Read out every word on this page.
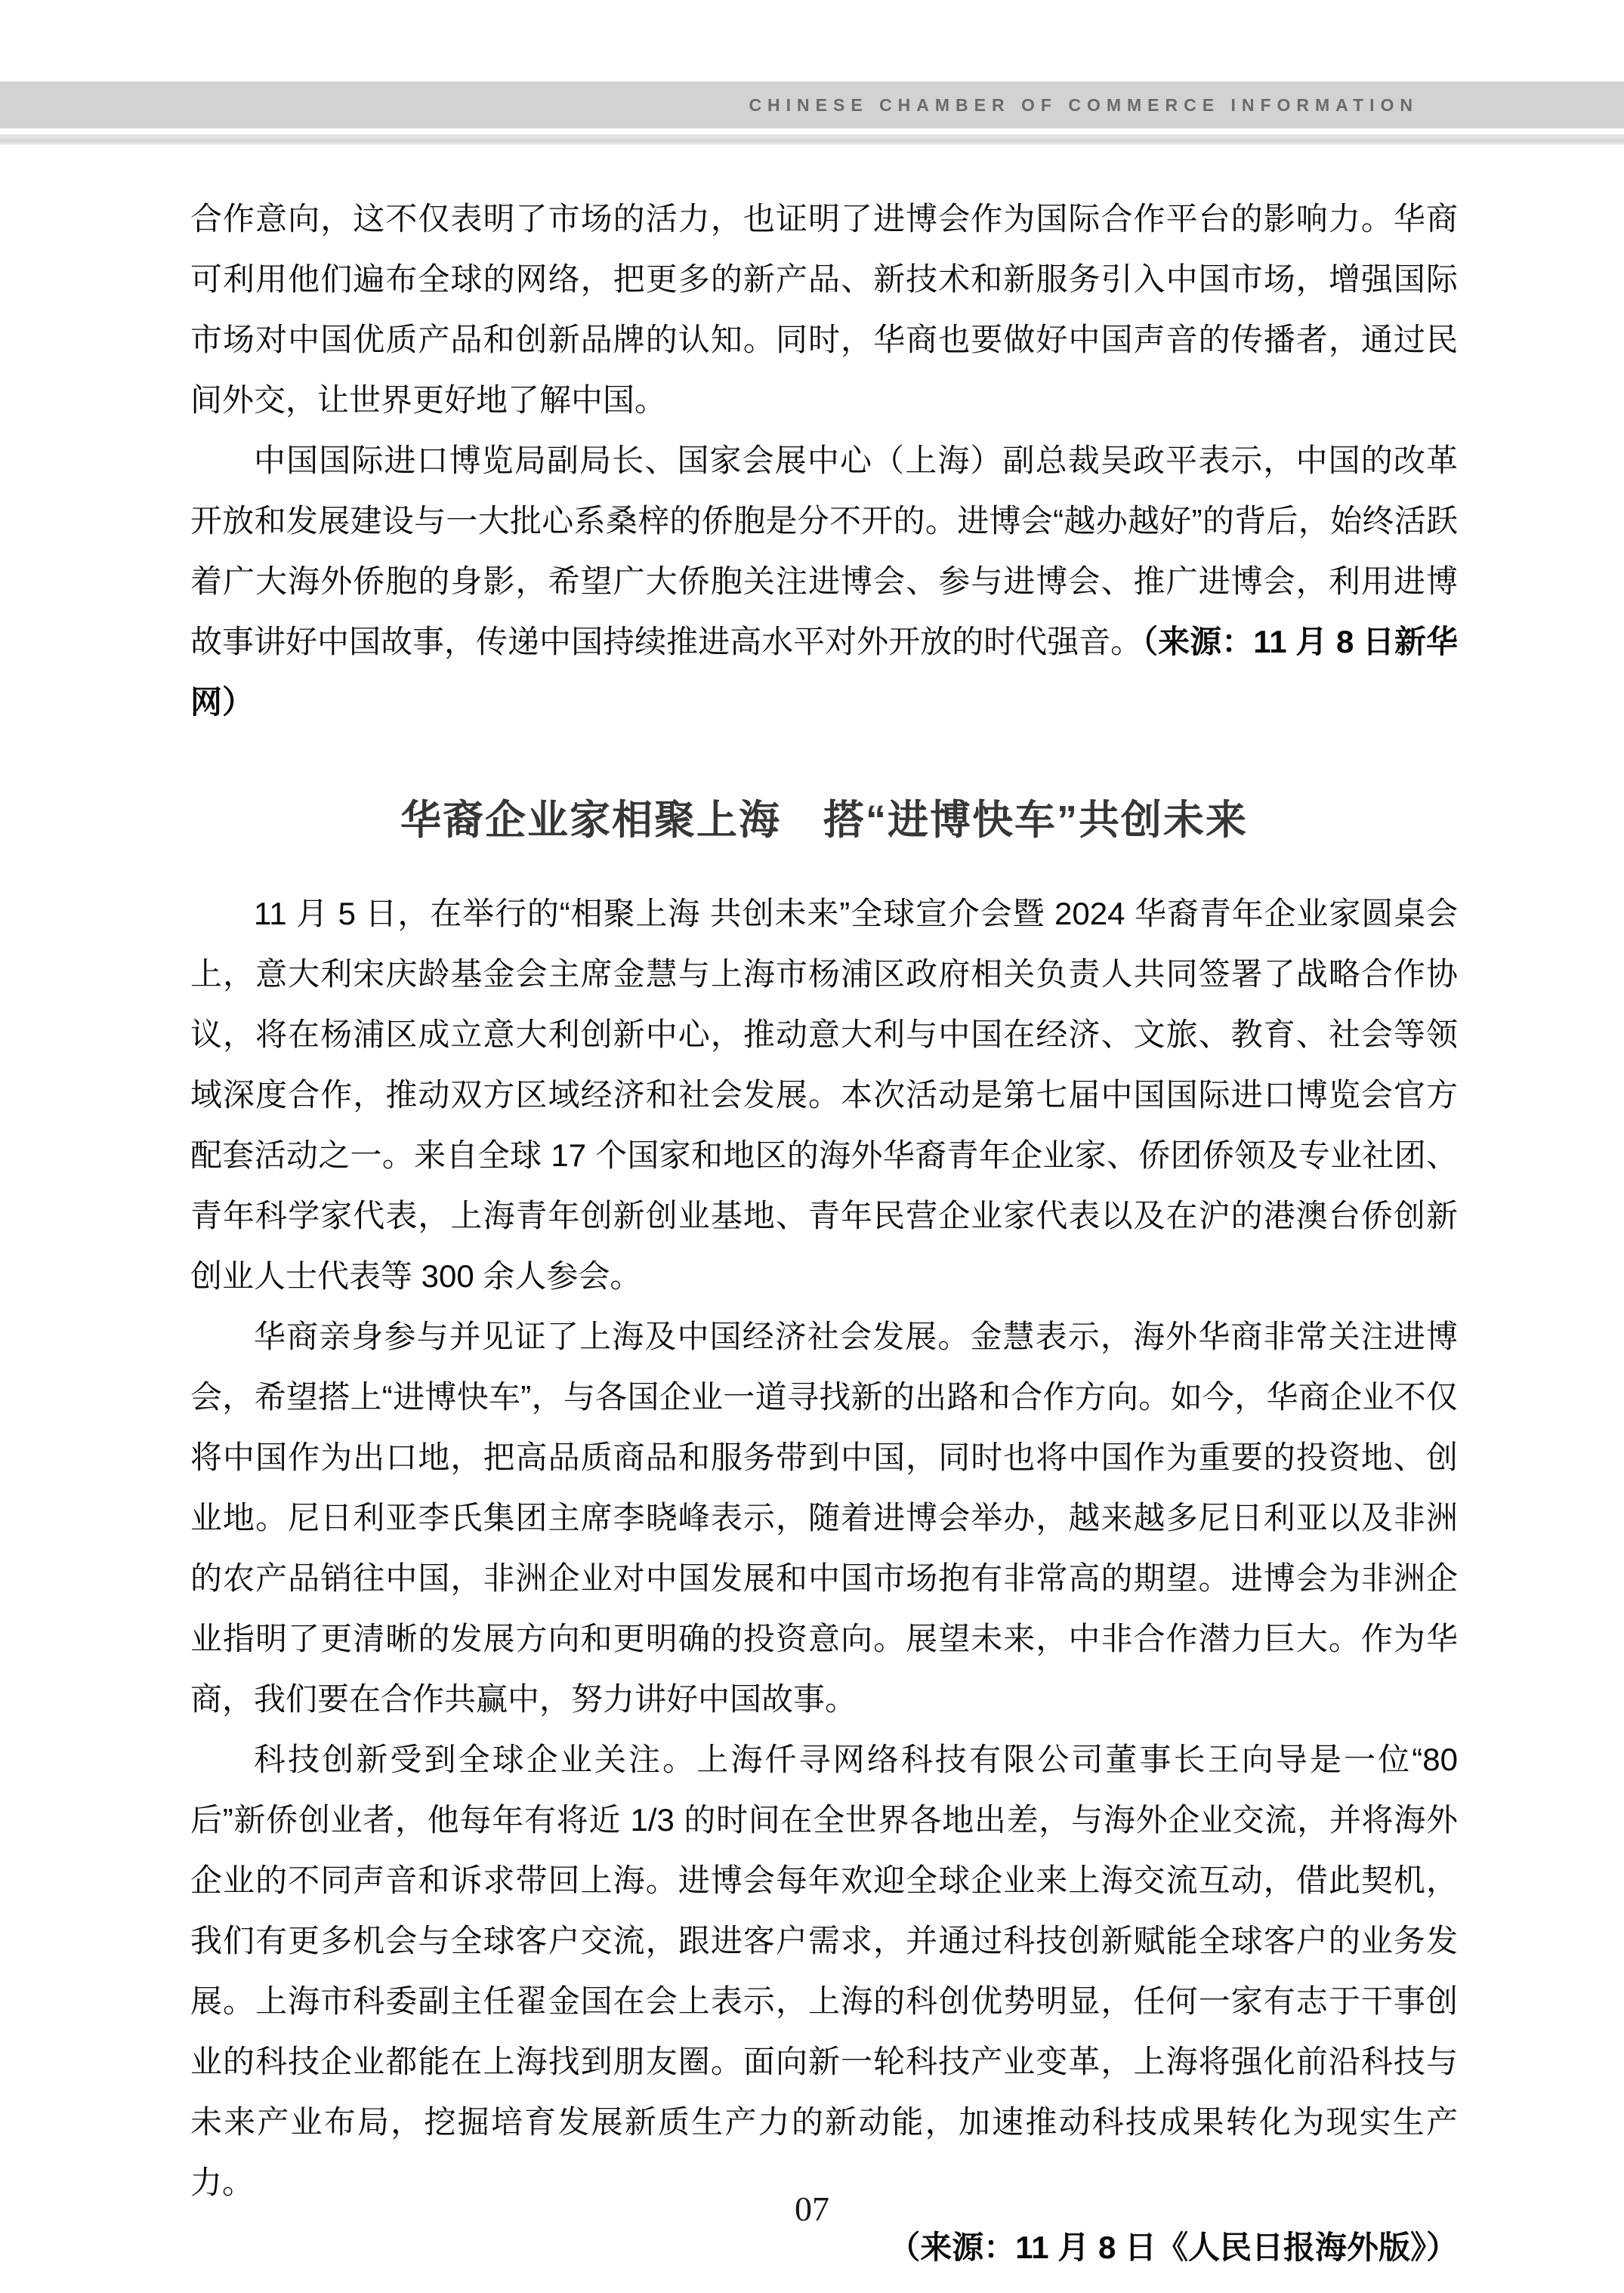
CHINESE CHAMBER OF COMMERCE INFORMATION

合作意向，这不仅表明了市场的活力，也证明了进博会作为国际合作平台的影响力。华商可利用他们遍布全球的网络，把更多的新产品、新技术和新服务引入中国市场，增强国际市场对中国优质产品和创新品牌的认知。同时，华商也要做好中国声音的传播者，通过民间外交，让世界更好地了解中国。

中国国际进口博览局副局长、国家会展中心（上海）副总裁吴政平表示，中国的改革开放和发展建设与一大批心系桑梓的侨胞是分不开的。进博会“越办越好”的背后，始终活跃着广大海外侨胞的身影，希望广大侨胞关注进博会、参与进博会、推广进博会，利用进博故事讲好中国故事，传递中国持续推进高水平对外开放的时代强音。（来源：11 月 8 日新华网）

华裔企业家相聚上海　搭“进博快车”共创未来

11 月 5 日，在举行的“相聚上海 共创未来”全球宣介会暨 2024 华裔青年企业家圆桌会上，意大利宋庆龄基金会主席金慧与上海市杨浦区政府相关负责人共同签署了战略合作协议，将在杨浦区成立意大利创新中心，推动意大利与中国在经济、文旅、教育、社会等领域深度合作，推动双方区域经济和社会发展。本次活动是第七届中国国际进口博览会官方配套活动之一。来自全球 17 个国家和地区的海外华裔青年企业家、侨团侨领及专业社团、青年科学家代表，上海青年创新创业基地、青年民营企业家代表以及在沪的港澳台侨创新创业人士代表等 300 余人参会。

华商亲身参与并见证了上海及中国经济社会发展。金慧表示，海外华商非常关注进博会，希望搭上“进博快车”，与各国企业一道寻找新的出路和合作方向。如今，华商企业不仅将中国作为出口地，把高品质商品和服务带到中国，同时也将中国作为重要的投资地、创业地。尼日利亚李氏集团主席李晓峰表示，随着进博会举办，越来越多尼日利亚以及非洲的农产品销往中国，非洲企业对中国发展和中国市场抱有非常高的期望。进博会为非洲企业指明了更清晰的发展方向和更明确的投资意向。展望未来，中非合作潜力巨大。作为华商，我们要在合作共赢中，努力讲好中国故事。

科技创新受到全球企业关注。上海仟寻网络科技有限公司董事长王向导是一位“80 后”新侨创业者，他每年有将近 1/3 的时间在全世界各地出差，与海外企业交流，并将海外企业的不同声音和诉求带回上海。进博会每年欢迎全球企业来上海交流互动，借此契机，我们有更多机会与全球客户交流，跟进客户需求，并通过科技创新赋能全球客户的业务发展。上海市科委副主任翟金国在会上表示，上海的科创优势明显，任何一家有志于干事创业的科技企业都能在上海找到朋友圈。面向新一轮科技产业变革，上海将强化前沿科技与未来产业布局，挖掘培育发展新质生产力的新动能，加速推动科技成果转化为现实生产力。

（来源：11 月 8 日《人民日报海外版》）

07
